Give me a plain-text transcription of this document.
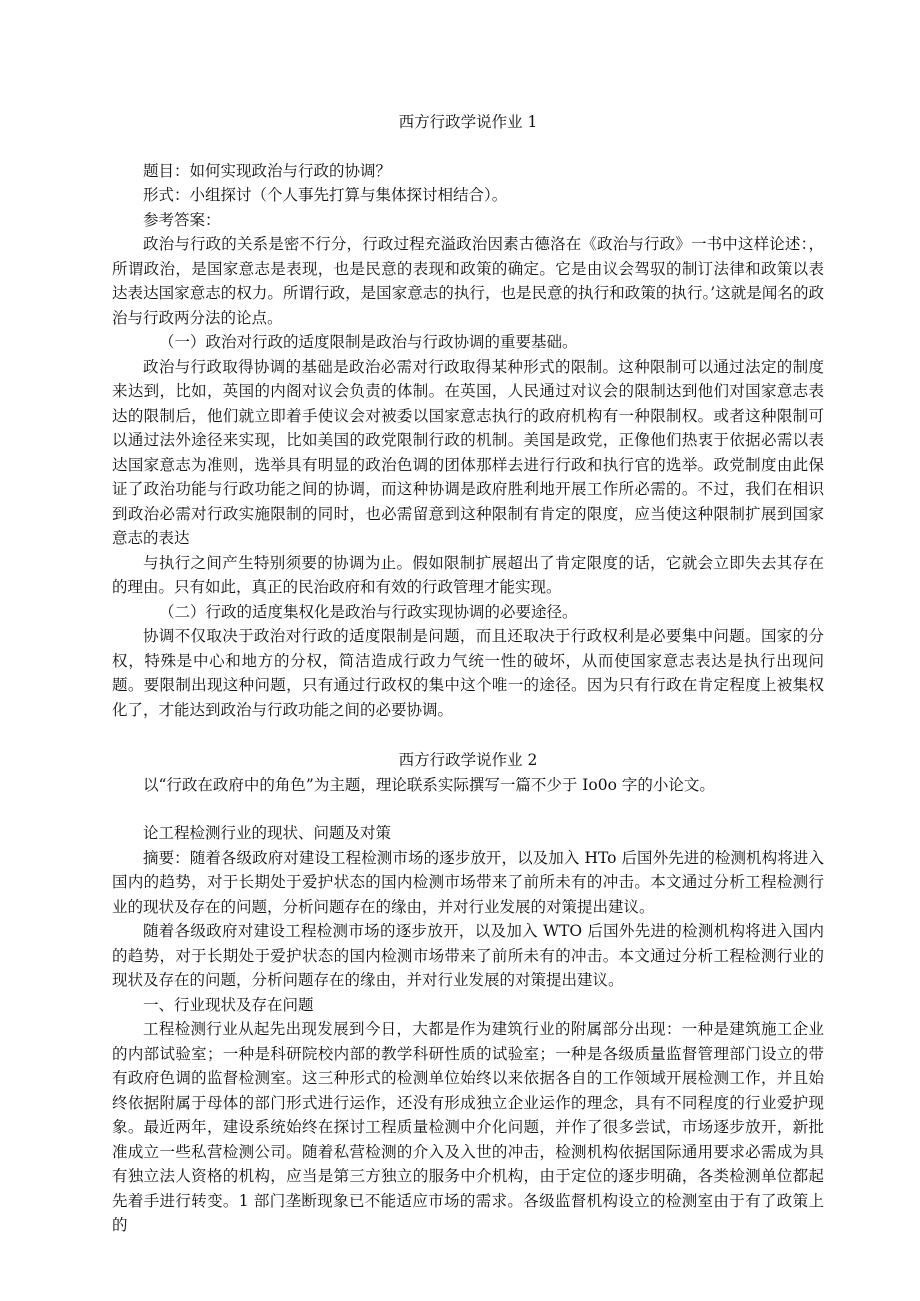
西方行政学说作业 1

题目：如何实现政治与行政的协调？

形式：小组探讨（个人事先打算与集体探讨相结合）。

参考答案：

政治与行政的关系是密不行分，行政过程充溢政治因素古德洛在《政治与行政》一书中这样论述：，所谓政治，是国家意志是表现，也是民意的表现和政策的确定。它是由议会驾驭的制订法律和政策以表达表达国家意志的权力。所谓行政，是国家意志的执行，也是民意的执行和政策的执行。’这就是闻名的政治与行政两分法的论点。

（一）政治对行政的适度限制是政治与行政协调的重要基础。

政治与行政取得协调的基础是政治必需对行政取得某种形式的限制。这种限制可以通过法定的制度来达到，比如，英国的内阁对议会负责的体制。在英国，人民通过对议会的限制达到他们对国家意志表达的限制后，他们就立即着手使议会对被委以国家意志执行的政府机构有一种限制权。或者这种限制可以通过法外途径来实现，比如美国的政党限制行政的机制。美国是政党，正像他们热衷于依据必需以表达国家意志为准则，选举具有明显的政治色调的团体那样去进行行政和执行官的选举。政党制度由此保证了政治功能与行政功能之间的协调，而这种协调是政府胜利地开展工作所必需的。不过，我们在相识到政治必需对行政实施限制的同时，也必需留意到这种限制有肯定的限度，应当使这种限制扩展到国家意志的表达

与执行之间产生特别须要的协调为止。假如限制扩展超出了肯定限度的话，它就会立即失去其存在的理由。只有如此，真正的民治政府和有效的行政管理才能实现。

（二）行政的适度集权化是政治与行政实现协调的必要途径。

协调不仅取决于政治对行政的适度限制是问题，而且还取决于行政权利是必要集中问题。国家的分权，特殊是中心和地方的分权，简洁造成行政力气统一性的破坏，从而使国家意志表达是执行出现问题。要限制出现这种问题，只有通过行政权的集中这个唯一的途径。因为只有行政在肯定程度上被集权化了，才能达到政治与行政功能之间的必要协调。

西方行政学说作业 2

以“行政在政府中的角色”为主题，理论联系实际撰写一篇不少于 Io0o 字的小论文。

论工程检测行业的现状、问题及对策

摘要：随着各级政府对建设工程检测市场的逐步放开，以及加入 HTo 后国外先进的检测机构将进入国内的趋势，对于长期处于爱护状态的国内检测市场带来了前所未有的冲击。本文通过分析工程检测行业的现状及存在的问题，分析问题存在的缘由，并对行业发展的对策提出建议。

随着各级政府对建设工程检测市场的逐步放开，以及加入 WTO 后国外先进的检测机构将进入国内的趋势，对于长期处于爱护状态的国内检测市场带来了前所未有的冲击。本文通过分析工程检测行业的现状及存在的问题，分析问题存在的缘由，并对行业发展的对策提出建议。

一、行业现状及存在问题

工程检测行业从起先出现发展到今日，大都是作为建筑行业的附属部分出现：一种是建筑施工企业的内部试验室；一种是科研院校内部的教学科研性质的试验室；一种是各级质量监督管理部门设立的带有政府色调的监督检测室。这三种形式的检测单位始终以来依据各自的工作领域开展检测工作，并且始终依据附属于母体的部门形式进行运作，还没有形成独立企业运作的理念，具有不同程度的行业爱护现象。最近两年，建设系统始终在探讨工程质量检测中介化问题，并作了很多尝试，市场逐步放开，新批准成立一些私营检测公司。随着私营检测的介入及入世的冲击，检测机构依据国际通用要求必需成为具有独立法人资格的机构，应当是第三方独立的服务中介机构，由于定位的逐步明确，各类检测单位都起先着手进行转变。1 部门垄断现象已不能适应市场的需求。各级监督机构设立的检测室由于有了政策上的
